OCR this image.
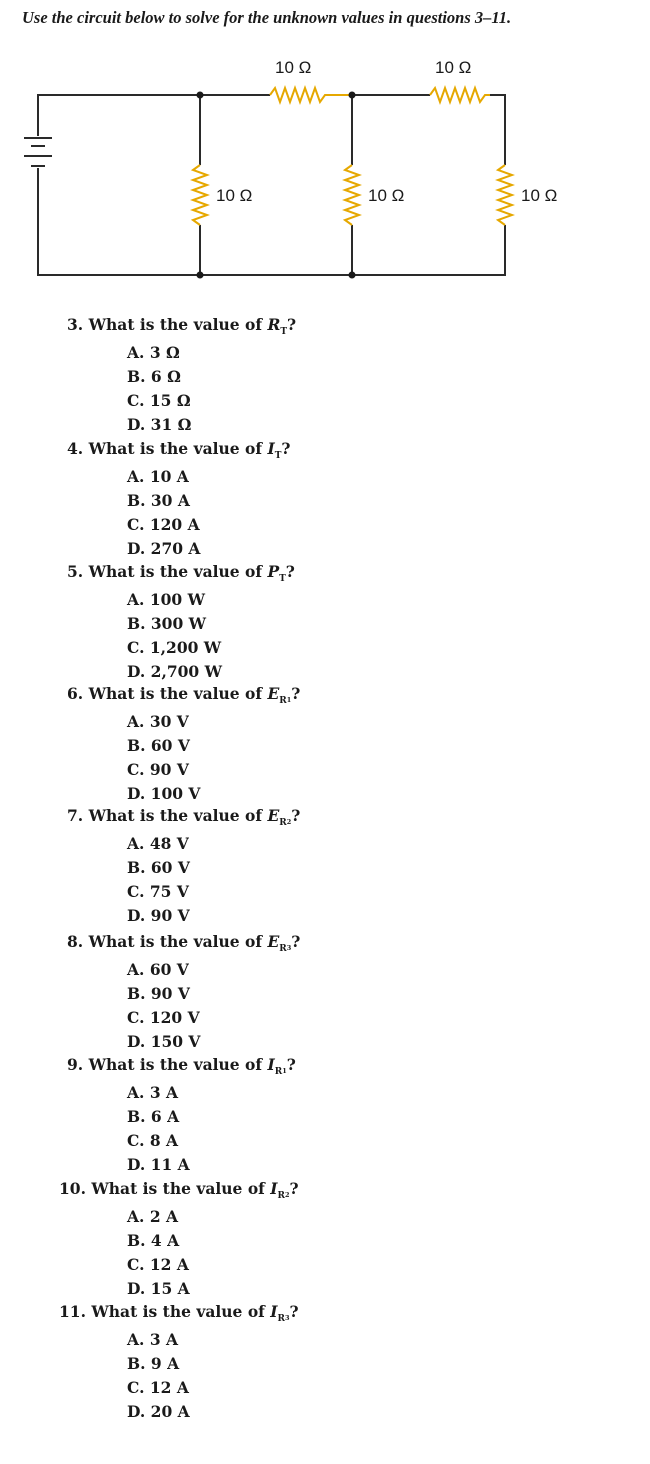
Use the circuit below to solve for the unknown values in questions 3–11.
10 Ω	10 Ω
10 Ω	10 Ω	10 Ω
3. What is the value of $R_T$?
A. 3 Ω
B. 6 Ω
C. 15 Ω
D. 31 Ω
4. What is the value of $I_T$?
A. 10 A
B. 30 A
C. 120 A
D. 270 A
5. What is the value of $P_T$?
A. 100 W
B. 300 W
C. 1,200 W
D. 2,700 W
6. What is the value of $E_R1$?
A. 30 V
B. 60 V
C. 90 V
D. 100 V
7. What is the value of $E_R2$?
A. 48 V
B. 60 V
C. 75 V
D. 90 V
8. What is the value of $E_R3$?
A. 60 V
B. 90 V
C. 120 V
D. 150 V
9. What is the value of $I_R1$?
A. 3 A
B. 6 A
C. 8 A
D. 11 A
10. What is the value of $I_R2$?
A. 2 A
B. 4 A
C. 12 A
D. 15 A
11. What is the value of $I_R3$?
A. 3 A
B. 9 A
C. 12 A
D. 20 A
